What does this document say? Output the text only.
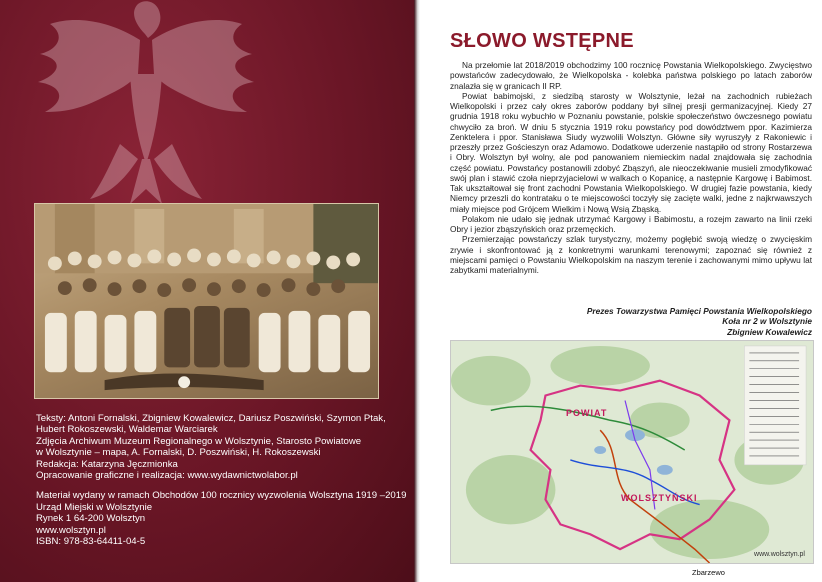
Teksty: Antoni Fornalski, Zbigniew Kowalewicz, Dariusz Poszwiński, Szymon Ptak,
Hubert Rokoszewski, Waldemar Warciarek
Zdjęcia Archiwum Muzeum Regionalnego w Wolsztynie, Starosto Powiatowe
w Wolsztynie – mapa, A. Fornalski, D. Poszwiński, H. Rokoszewski
Redakcja: Katarzyna Jęczmionka
Opracowanie graficzne i realizacja: www.wydawnictwolabor.pl
Materiał wydany w ramach Obchodów 100 rocznicy wyzwolenia Wolsztyna 1919 –2019
Urząd Miejski w Wolsztynie
Rynek 1 64-200 Wolsztyn
www.wolsztyn.pl
ISBN: 978-83-64411-04-5
SŁOWO WSTĘPNE

Na przełomie lat 2018/2019 obchodzimy 100 rocznicę Powstania Wielkopolskiego. Zwycięstwo powstańców zadecydowało, że Wielkopolska - kolebka państwa polskiego po latach zaborów znalazła się w granicach II RP.

Powiat babimojski, z siedzibą starosty w Wolsztynie, leżał na zachodnich rubieżach Wielkopolski i przez cały okres zaborów poddany był silnej presji germanizacyjnej. Kiedy 27 grudnia 1918 roku wybuchło w Poznaniu powstanie, polskie społeczeństwo ówczesnego powiatu chwyciło za broń. W dniu 5 stycznia 1919 roku powstańcy pod dowództwem ppor. Kazimierza Zenktelera i ppor. Stanisława Siudy wyzwolili Wolsztyn. Główne siły wyruszyły z Rakoniewic i przeszły przez Gościeszyn oraz Adamowo. Dodatkowe uderzenie nastąpiło od strony Rostarzewa i Obry. Wolsztyn był wolny, ale pod panowaniem niemieckim nadal znajdowała się zachodnia część powiatu. Powstańcy postanowili zdobyć Zbąszyń, ale nieoczekiwanie musieli zmodyfikować swój plan i stawić czoła nieprzyjacielowi w walkach o Kopanicę, a następnie Kargowę i Babimost. Tak ukształtował się front zachodni Powstania Wielkopolskiego. W drugiej fazie powstania, kiedy Niemcy przeszli do kontrataku o te miejscowości toczyły się zacięte walki, jedne z najkrwawszych miały miejsce pod Grójcem Wielkim i Nową Wsią Zbąską.

Polakom nie udało się jednak utrzymać Kargowy i Babimostu, a rozejm zawarto na linii rzeki Obry i jezior zbąszyńskich oraz przemęckich.

Przemierzając powstańczy szlak turystyczny, możemy pogłębić swoją wiedzę o zwycięskim zrywie i skonfrontować ją z konkretnymi warunkami terenowymi; zapoznać się również z miejscami pamięci o Powstaniu Wielkopolskim na naszym terenie i zachowanymi mimo upływu lat zabytkami materialnymi.

Prezes Towarzystwa Pamięci Powstania Wielkopolskiego
Koła nr 2 w Wolsztynie
Zbigniew Kowalewicz
POWIAT
WOLSZTYŃSKI
www.wolsztyn.pl
Zbarzewo
